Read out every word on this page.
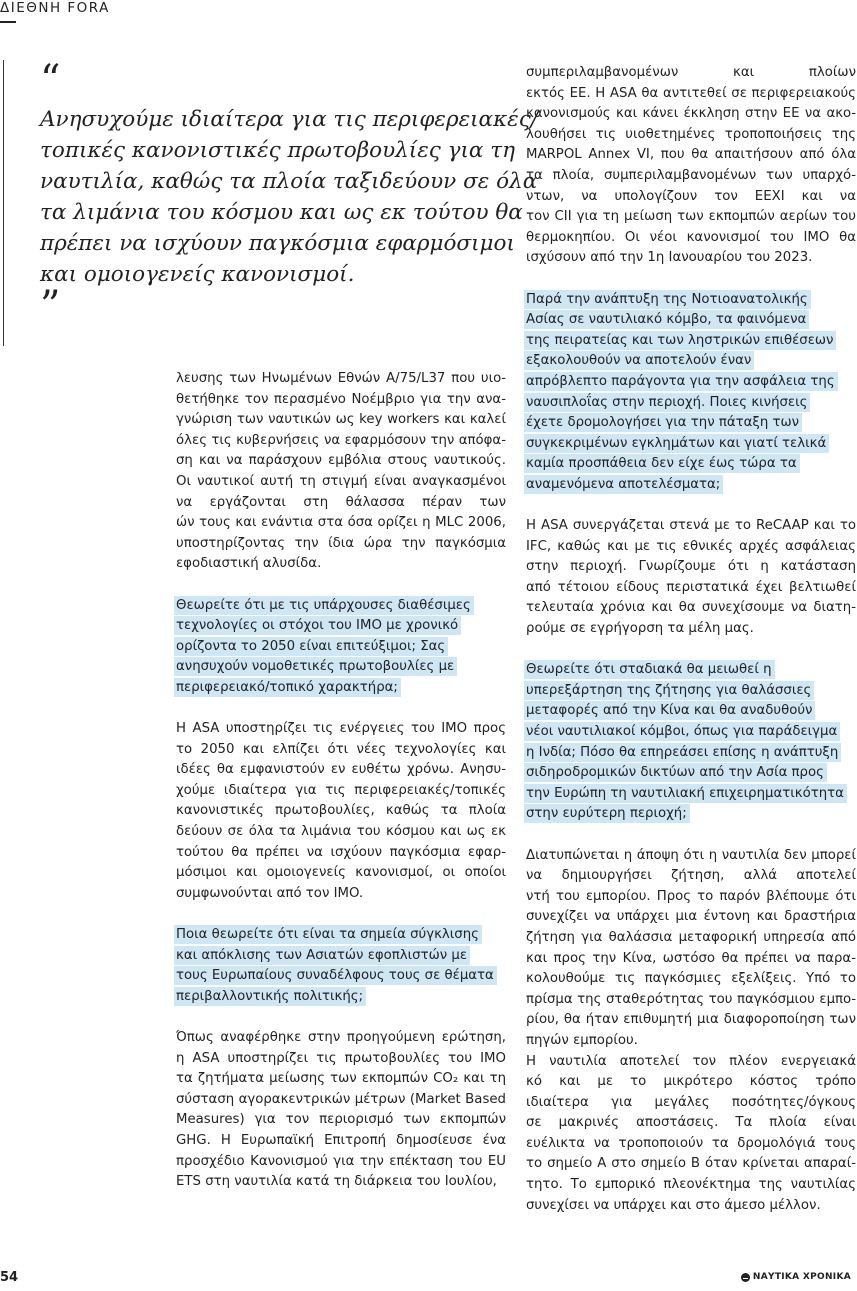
ΔΙΕΘΝΗ FORA
“
Ανησυχούμε ιδιαίτερα για τις περιφερειακές/
τοπικές κανονιστικές πρωτοβουλίες για τη
ναυτιλία, καθώς τα πλοία ταξιδεύουν σε όλα
τα λιμάνια του κόσμου και ως εκ τούτου θα
πρέπει να ισχύουν παγκόσμια εφαρμόσιμοι
και ομοιογενείς κανονισμοί.
”
λευσης των Ηνωμένων Εθνών A/75/L37 που υιο-
θετήθηκε τον περασμένο Νοέμβριο για την ανα-
γνώριση των ναυτικών ως key workers και καλεί
όλες τις κυβερνήσεις να εφαρμόσουν την απόφα-
ση και να παράσχουν εμβόλια στους ναυτικούς.
Οι ναυτικοί αυτή τη στιγμή είναι αναγκασμένοι
να εργάζονται στη θάλασσα πέραν των
ών τους και ενάντια στα όσα ορίζει η MLC 2006,
υποστηρίζοντας την ίδια ώρα την παγκόσμια
εφοδιαστική αλυσίδα.
Θεωρείτε ότι με τις υπάρχουσες διαθέσιμες
τεχνολογίες οι στόχοι του IMO με χρονικό
ορίζοντα το 2050 είναι επιτεύξιμοι; Σας
ανησυχούν νομοθετικές πρωτοβουλίες με
περιφερειακό/τοπικό χαρακτήρα;
Η ASA υποστηρίζει τις ενέργειες του IMO προς
το 2050 και ελπίζει ότι νέες τεχνολογίες και
ιδέες θα εμφανιστούν εν ευθέτω χρόνω. Ανησυ-
χούμε ιδιαίτερα για τις περιφερειακές/τοπικές
κανονιστικές πρωτοβουλίες, καθώς τα πλοία
δεύουν σε όλα τα λιμάνια του κόσμου και ως εκ
τούτου θα πρέπει να ισχύουν παγκόσμια εφαρ-
μόσιμοι και ομοιογενείς κανονισμοί, οι οποίοι
συμφωνούνται από τον IMO.
Ποια θεωρείτε ότι είναι τα σημεία σύγκλισης
και απόκλισης των Ασιατών εφοπλιστών με
τους Ευρωπαίους συναδέλφους τους σε θέματα
περιβαλλοντικής πολιτικής;
Όπως αναφέρθηκε στην προηγούμενη ερώτηση,
η ASA υποστηρίζει τις πρωτοβουλίες του IMO
τα ζητήματα μείωσης των εκπομπών CO₂ και τη
σύσταση αγορακεντρικών μέτρων (Market Based
Measures) για τον περιορισμό των εκπομπών
GHG. Η Ευρωπαϊκή Επιτροπή δημοσίευσε ένα
προσχέδιο Κανονισμού για την επέκταση του EU
ETS στη ναυτιλία κατά τη διάρκεια του Ιουλίου,
συμπεριλαμβανομένων και πλοίων
εκτός ΕΕ. Η ASA θα αντιτεθεί σε περιφερειακούς
κανονισμούς και κάνει έκκληση στην ΕΕ να ακο-
λουθήσει τις υιοθετημένες τροποποιήσεις της
MARPOL Annex VI, που θα απαιτήσουν από όλα
τα πλοία, συμπεριλαμβανομένων των υπαρχό-
ντων, να υπολογίζουν τον EEXI και να
τον CII για τη μείωση των εκπομπών αερίων του
θερμοκηπίου. Οι νέοι κανονισμοί του IMO θα
ισχύσουν από την 1η Ιανουαρίου του 2023.
Παρά την ανάπτυξη της Νοτιοανατολικής
Ασίας σε ναυτιλιακό κόμβο, τα φαινόμενα
της πειρατείας και των ληστρικών επιθέσεων
εξακολουθούν να αποτελούν έναν
απρόβλεπτο παράγοντα για την ασφάλεια της
ναυσιπλοΐας στην περιοχή. Ποιες κινήσεις
έχετε δρομολογήσει για την πάταξη των
συγκεκριμένων εγκλημάτων και γιατί τελικά
καμία προσπάθεια δεν είχε έως τώρα τα
αναμενόμενα αποτελέσματα;
Η ASA συνεργάζεται στενά με το ReCAAP και το
IFC, καθώς και με τις εθνικές αρχές ασφάλειας
στην περιοχή. Γνωρίζουμε ότι η κατάσταση
από τέτοιου είδους περιστατικά έχει βελτιωθεί
τελευταία χρόνια και θα συνεχίσουμε να διατη-
ρούμε σε εγρήγορση τα μέλη μας.
Θεωρείτε ότι σταδιακά θα μειωθεί η
υπερεξάρτηση της ζήτησης για θαλάσσιες
μεταφορές από την Κίνα και θα αναδυθούν
νέοι ναυτιλιακοί κόμβοι, όπως για παράδειγμα
η Ινδία; Πόσο θα επηρεάσει επίσης η ανάπτυξη
σιδηροδρομικών δικτύων από την Ασία προς
την Ευρώπη τη ναυτιλιακή επιχειρηματικότητα
στην ευρύτερη περιοχή;
Διατυπώνεται η άποψη ότι η ναυτιλία δεν μπορεί
να δημιουργήσει ζήτηση, αλλά αποτελεί
ντή του εμπορίου. Προς το παρόν βλέπουμε ότι
συνεχίζει να υπάρχει μια έντονη και δραστήρια
ζήτηση για θαλάσσια μεταφορική υπηρεσία από
και προς την Κίνα, ωστόσο θα πρέπει να παρα-
κολουθούμε τις παγκόσμιες εξελίξεις. Υπό το
πρίσμα της σταθερότητας του παγκόσμιου εμπο-
ρίου, θα ήταν επιθυμητή μια διαφοροποίηση των
πηγών εμπορίου.
Η ναυτιλία αποτελεί τον πλέον ενεργειακά
κό και με το μικρότερο κόστος τρόπο
ιδιαίτερα για μεγάλες ποσότητες/όγκους
σε μακρινές αποστάσεις. Τα πλοία είναι
ευέλικτα να τροποποιούν τα δρομολόγιά τους
το σημείο Α στο σημείο Β όταν κρίνεται απαραί-
τητο. Το εμπορικό πλεονέκτημα της ναυτιλίας
συνεχίσει να υπάρχει και στο άμεσο μέλλον.
54	ΝΑΥΤΙΚΑ ΧΡΟΝΙΚΑ
